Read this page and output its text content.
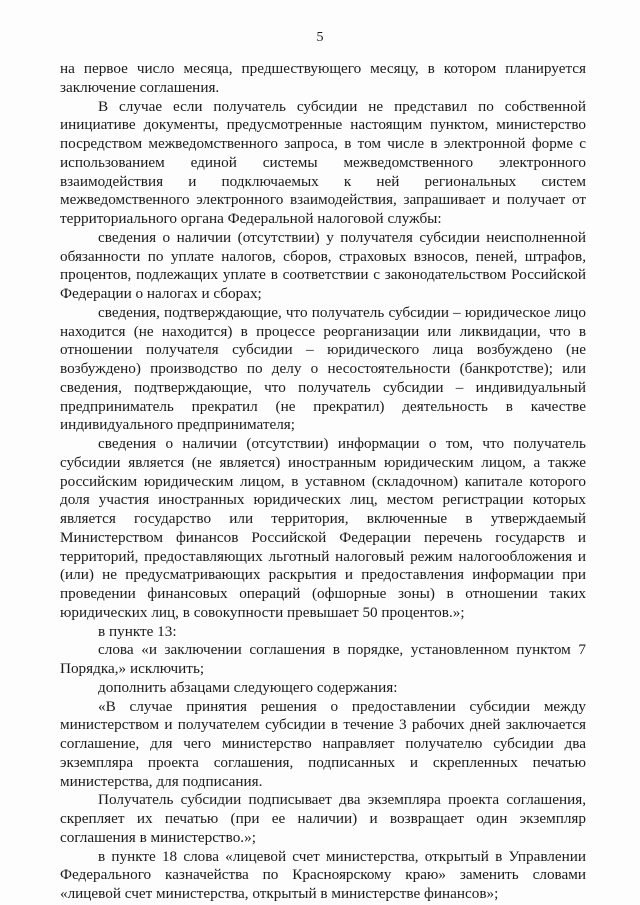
5

на первое число месяца, предшествующего месяцу, в котором планируется заключение соглашения.

В случае если получатель субсидии не представил по собственной инициативе документы, предусмотренные настоящим пунктом, министерство посредством межведомственного запроса, в том числе в электронной форме с использованием единой системы межведомственного электронного взаимодействия и подключаемых к ней региональных систем межведомственного электронного взаимодействия, запрашивает и получает от территориального органа Федеральной налоговой службы:

сведения о наличии (отсутствии) у получателя субсидии неисполненной обязанности по уплате налогов, сборов, страховых взносов, пеней, штрафов, процентов, подлежащих уплате в соответствии с законодательством Российской Федерации о налогах и сборах;

сведения, подтверждающие, что получатель субсидии – юридическое лицо находится (не находится) в процессе реорганизации или ликвидации, что в отношении получателя субсидии – юридического лица возбуждено (не возбуждено) производство по делу о несостоятельности (банкротстве); или сведения, подтверждающие, что получатель субсидии – индивидуальный предприниматель прекратил (не прекратил) деятельность в качестве индивидуального предпринимателя;

сведения о наличии (отсутствии) информации о том, что получатель субсидии является (не является) иностранным юридическим лицом, а также российским юридическим лицом, в уставном (складочном) капитале которого доля участия иностранных юридических лиц, местом регистрации которых является государство или территория, включенные в утверждаемый Министерством финансов Российской Федерации перечень государств и территорий, предоставляющих льготный налоговый режим налогообложения и (или) не предусматривающих раскрытия и предоставления информации при проведении финансовых операций (офшорные зоны) в отношении таких юридических лиц, в совокупности превышает 50 процентов.»;

в пункте 13:

слова «и заключении соглашения в порядке, установленном пунктом 7 Порядка,» исключить;

дополнить абзацами следующего содержания:

«В случае принятия решения о предоставлении субсидии между министерством и получателем субсидии в течение 3 рабочих дней заключается соглашение, для чего министерство направляет получателю субсидии два экземпляра проекта соглашения, подписанных и скрепленных печатью министерства, для подписания.

Получатель субсидии подписывает два экземпляра проекта соглашения, скрепляет их печатью (при ее наличии) и возвращает один экземпляр соглашения в министерство.»;

в пункте 18 слова «лицевой счет министерства, открытый в Управлении Федерального казначейства по Красноярскому краю» заменить словами «лицевой счет министерства, открытый в министерстве финансов»;
